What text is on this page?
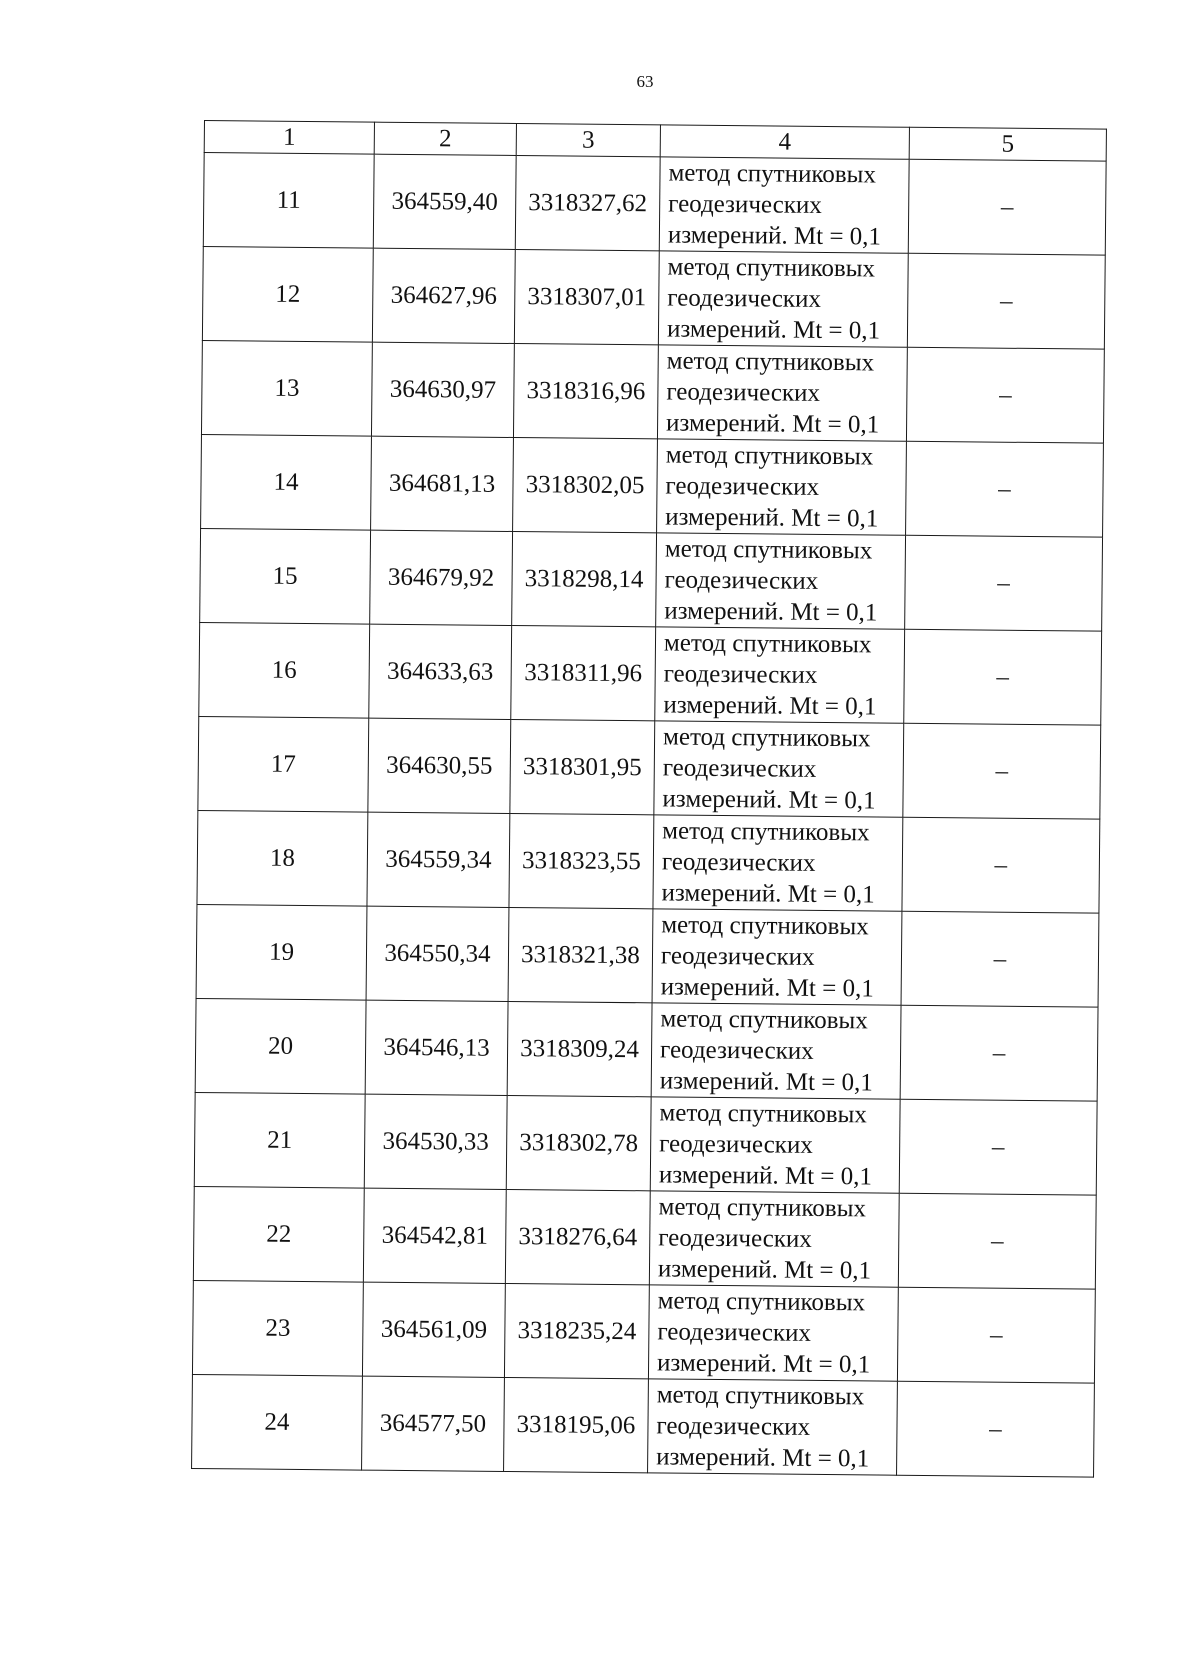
63
1	2	3	4	5
11	364559,40	3318327,62	метод спутниковых
геодезических
измерений. Mt = 0,1	–
12	364627,96	3318307,01	метод спутниковых
геодезических
измерений. Mt = 0,1	–
13	364630,97	3318316,96	метод спутниковых
геодезических
измерений. Mt = 0,1	–
14	364681,13	3318302,05	метод спутниковых
геодезических
измерений. Mt = 0,1	–
15	364679,92	3318298,14	метод спутниковых
геодезических
измерений. Mt = 0,1	–
16	364633,63	3318311,96	метод спутниковых
геодезических
измерений. Mt = 0,1	–
17	364630,55	3318301,95	метод спутниковых
геодезических
измерений. Mt = 0,1	–
18	364559,34	3318323,55	метод спутниковых
геодезических
измерений. Mt = 0,1	–
19	364550,34	3318321,38	метод спутниковых
геодезических
измерений. Mt = 0,1	–
20	364546,13	3318309,24	метод спутниковых
геодезических
измерений. Mt = 0,1	–
21	364530,33	3318302,78	метод спутниковых
геодезических
измерений. Mt = 0,1	–
22	364542,81	3318276,64	метод спутниковых
геодезических
измерений. Mt = 0,1	–
23	364561,09	3318235,24	метод спутниковых
геодезических
измерений. Mt = 0,1	–
24	364577,50	3318195,06	метод спутниковых
геодезических
измерений. Mt = 0,1	–
